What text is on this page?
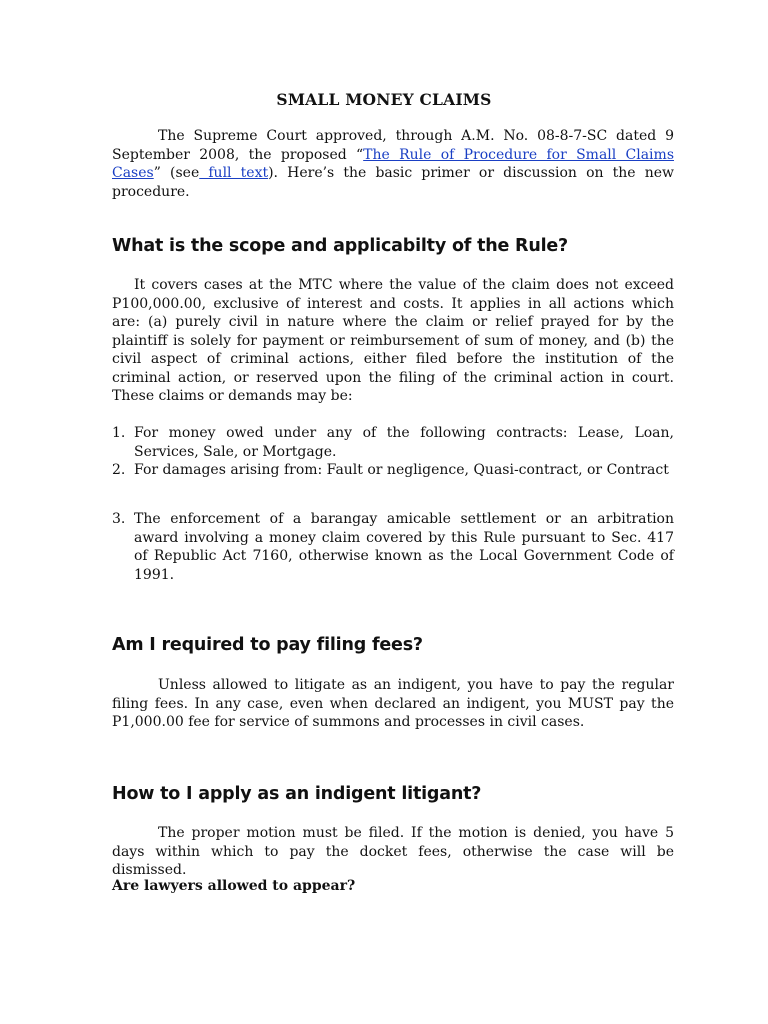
SMALL MONEY CLAIMS

The Supreme Court approved, through A.M. No. 08-8-7-SC dated 9 September 2008, the proposed “The Rule of Procedure for Small Claims Cases” (see full text). Here’s the basic primer or discussion on the new procedure.

What is the scope and applicabilty of the Rule?

It covers cases at the MTC where the value of the claim does not exceed P100,000.00, exclusive of interest and costs. It applies in all actions which are: (a) purely civil in nature where the claim or relief prayed for by the plaintiff is solely for payment or reimbursement of sum of money, and (b) the civil aspect of criminal actions, either filed before the institution of the criminal action, or reserved upon the filing of the criminal action in court. These claims or demands may be:

1. For money owed under any of the following contracts: Lease, Loan, Services, Sale, or Mortgage.
2. For damages arising from: Fault or negligence, Quasi-contract, or Contract
3. The enforcement of a barangay amicable settlement or an arbitration award involving a money claim covered by this Rule pursuant to Sec. 417 of Republic Act 7160, otherwise known as the Local Government Code of 1991.
Am I required to pay filing fees?

Unless allowed to litigate as an indigent, you have to pay the regular filing fees. In any case, even when declared an indigent, you MUST pay the P1,000.00 fee for service of summons and processes in civil cases.

How to I apply as an indigent litigant?

The proper motion must be filed. If the motion is denied, you have 5 days within which to pay the docket fees, otherwise the case will be dismissed.

Are lawyers allowed to appear?
